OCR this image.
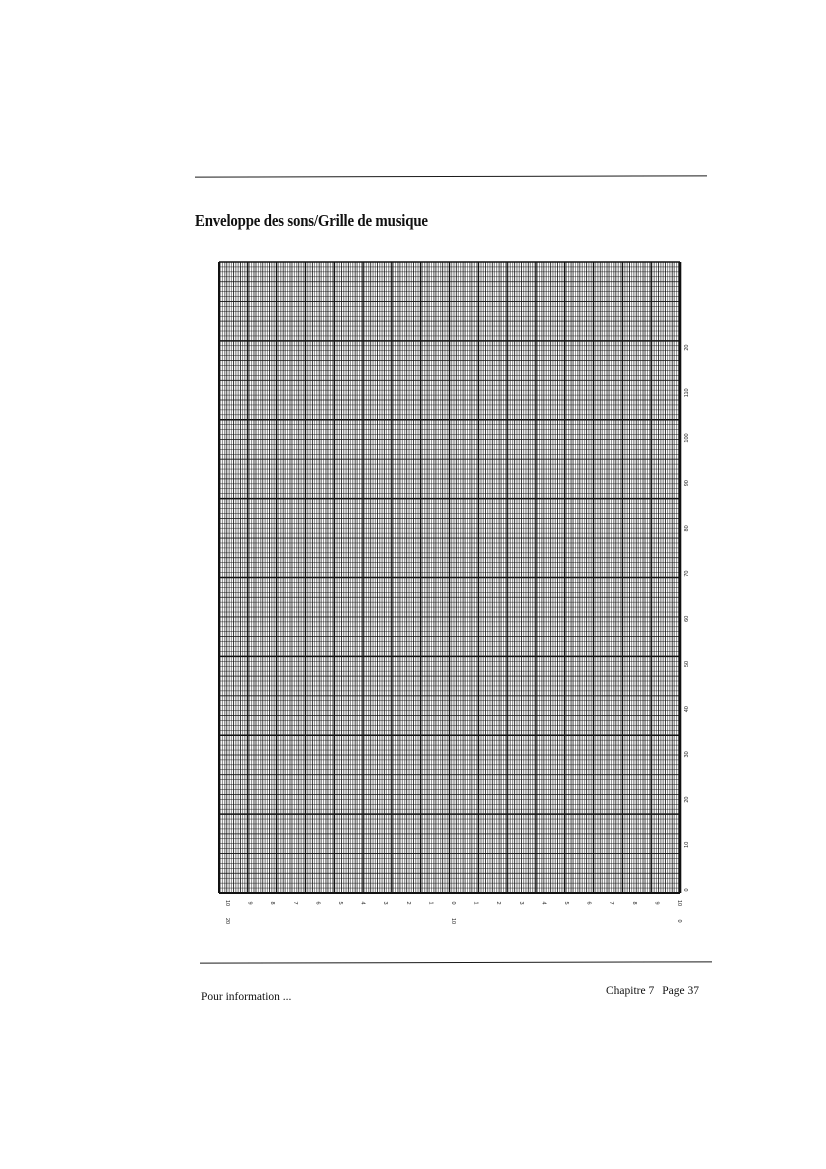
Enveloppe des sons/Grille de musique
0
10
20
30
40
50
60
70
80
90
100
110
20
10	9	8	7	6	5	4	3	2	1	0	1	2	3	4	5	6	7	8	9	10
20	10	0
Pour information ...	Chapitre 7 Page 37
